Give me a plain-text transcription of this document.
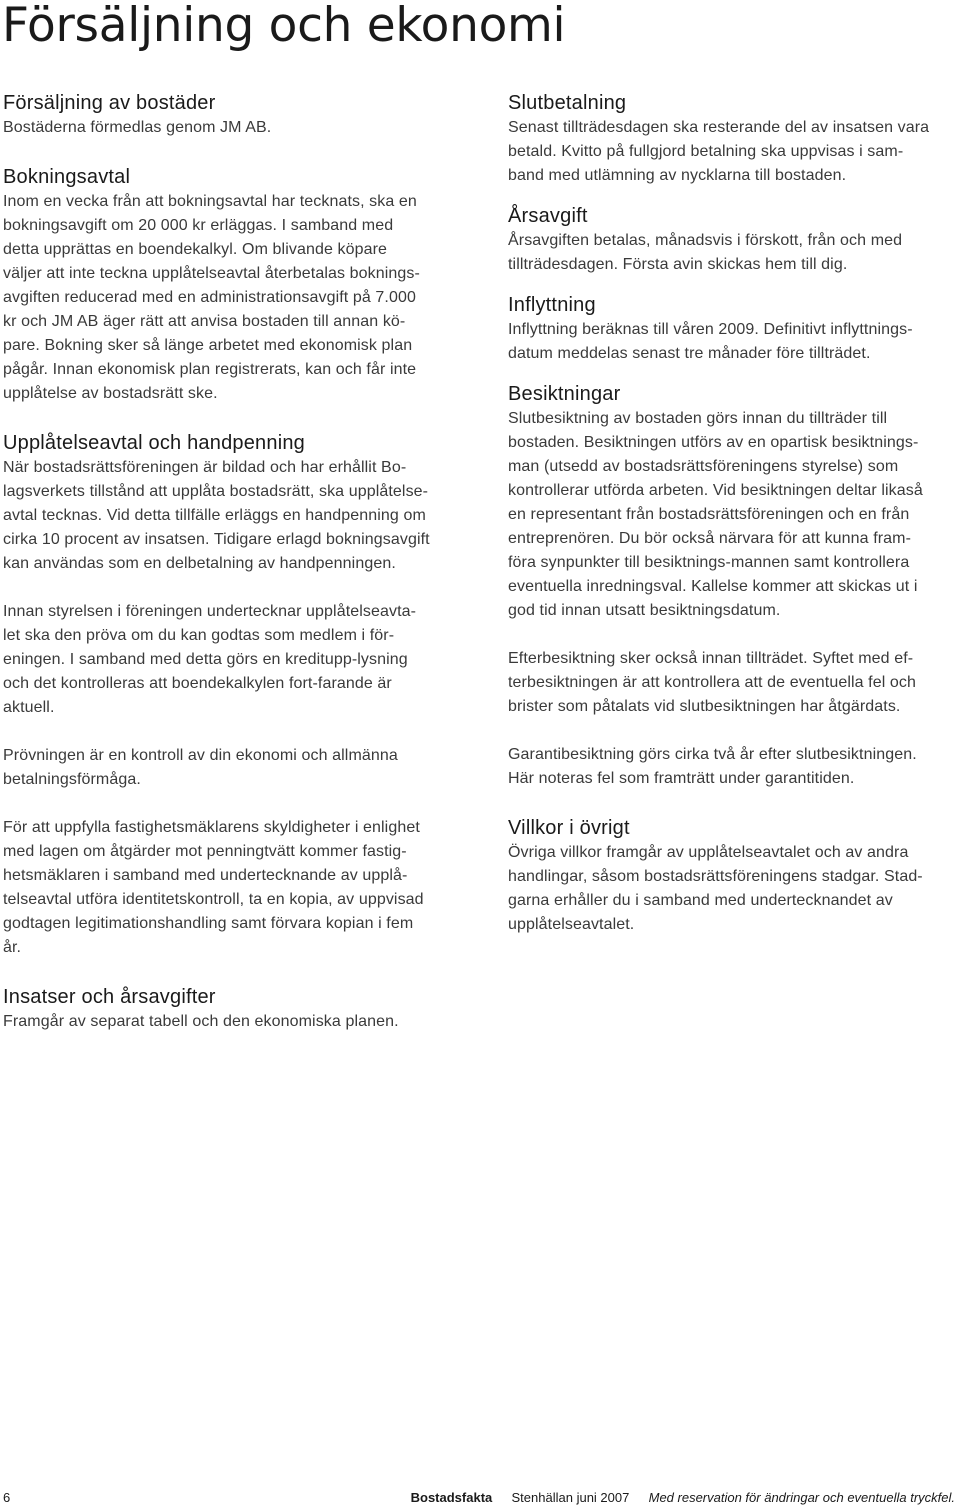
Försäljning och ekonomi
Försäljning av bostäder

Bostäderna förmedlas genom JM AB.

Bokningsavtal

Inom en vecka från att bokningsavtal har tecknats, ska en
bokningsavgift om 20 000 kr erläggas. I samband med
detta upprättas en boendekalkyl. Om blivande köpare
väljer att inte teckna upplåtelseavtal återbetalas boknings-
avgiften reducerad med en administrationsavgift på 7.000
kr och JM AB äger rätt att anvisa bostaden till annan kö-
pare. Bokning sker så länge arbetet med ekonomisk plan
pågår. Innan ekonomisk plan registrerats, kan och får inte
upplåtelse av bostadsrätt ske.

Upplåtelseavtal och handpenning

När bostadsrättsföreningen är bildad och har erhållit Bo-
lagsverkets tillstånd att upplåta bostadsrätt, ska upplåtelse-
avtal tecknas. Vid detta tillfälle erläggs en handpenning om
cirka 10 procent av insatsen. Tidigare erlagd bokningsavgift
kan användas som en delbetalning av handpenningen.

Innan styrelsen i föreningen undertecknar upplåtelseavta-
let ska den pröva om du kan godtas som medlem i för-
eningen. I samband med detta görs en kreditupp-lysning
och det kontrolleras att boendekalkylen fort-farande är
aktuell.

Prövningen är en kontroll av din ekonomi och allmänna
betalningsförmåga.

För att uppfylla fastighetsmäklarens skyldigheter i enlighet
med lagen om åtgärder mot penningtvätt kommer fastig-
hetsmäklaren i samband med undertecknande av upplå-
telseavtal utföra identitetskontroll, ta en kopia, av uppvisad
godtagen legitimationshandling samt förvara kopian i fem
år.

Insatser och årsavgifter

Framgår av separat tabell och den ekonomiska planen.

Slutbetalning

Senast tillträdesdagen ska resterande del av insatsen vara
betald. Kvitto på fullgjord betalning ska uppvisas i sam-
band med utlämning av nycklarna till bostaden.

Årsavgift

Årsavgiften betalas, månadsvis i förskott, från och med
tillträdesdagen. Första avin skickas hem till dig.

Inflyttning

Inflyttning beräknas till våren 2009. Definitivt inflyttnings-
datum meddelas senast tre månader före tillträdet.

Besiktningar

Slutbesiktning av bostaden görs innan du tillträder till
bostaden. Besiktningen utförs av en opartisk besiktnings-
man (utsedd av bostadsrättsföreningens styrelse) som
kontrollerar utförda arbeten. Vid besiktningen deltar likaså
en representant från bostadsrättsföreningen och en från
entreprenören. Du bör också närvara för att kunna fram-
föra synpunkter till besiktnings-mannen samt kontrollera
eventuella inredningsval. Kallelse kommer att skickas ut i
god tid innan utsatt besiktningsdatum.

Efterbesiktning sker också innan tillträdet. Syftet med ef-
terbesiktningen är att kontrollera att de eventuella fel och
brister som påtalats vid slutbesiktningen har åtgärdats.

Garantibesiktning görs cirka två år efter slutbesiktningen.
Här noteras fel som framträtt under garantitiden.

Villkor i övrigt

Övriga villkor framgår av upplåtelseavtalet och av andra
handlingar, såsom bostadsrättsföreningens stadgar. Stad-
garna erhåller du i samband med undertecknandet av
upplåtelseavtalet.

6	Bostadsfakta Stenhällan juni 2007 Med reservation för ändringar och eventuella tryckfel.
